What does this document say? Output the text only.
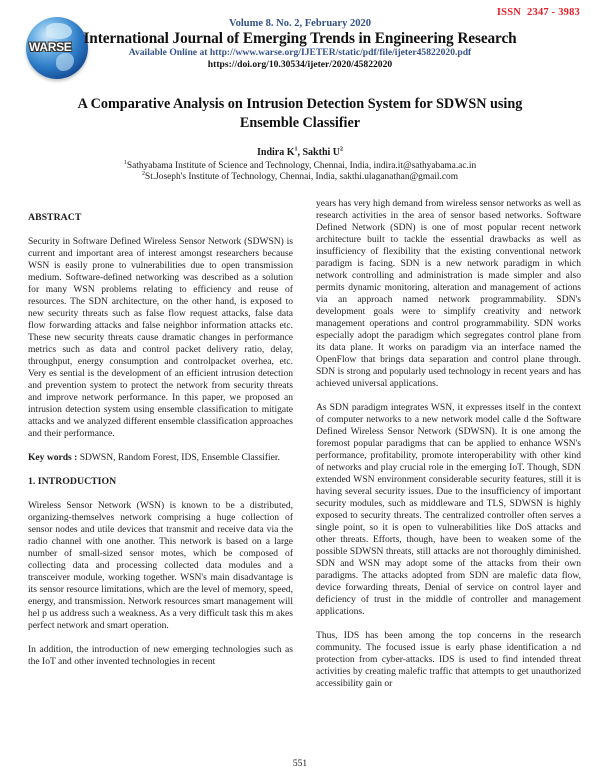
ISSN 2347 - 3983
WARSE
Volume 8. No. 2, February 2020
International Journal of Emerging Trends in Engineering Research
Available Online at http://www.warse.org/IJETER/static/pdf/file/ijeter45822020.pdf
https://doi.org/10.30534/ijeter/2020/45822020
A Comparative Analysis on Intrusion Detection System for SDWSN using
Ensemble Classifier
Indira $K^1$, Sakthi $U^2$
$^1$Sathyabama Institute of Science and Technology, Chennai, India, indira.it@sathyabama.ac.in
$^2$St.Joseph's Institute of Technology, Chennai, India, sakthi.ulaganathan@gmail.com
ABSTRACT

Security in Software Defined Wireless Sensor Network (SDWSN) is current and important area of interest amongst researchers because WSN is easily prone to vulnerabilities due to open transmission medium. Software-defined networking was described as a solution for many WSN problems relating to efficiency and reuse of resources. The SDN architecture, on the other hand, is exposed to new security threats such as false flow request attacks, false data flow forwarding attacks and false neighbor information attacks etc. These new security threats cause dramatic changes in performance metrics such as data and control packet delivery ratio, delay, throughput, energy consumption and controlpacket overhea, etc. Very es sential is the development of an efficient intrusion detection and prevention system to protect the network from security threats and improve network performance. In this paper, we proposed an intrusion detection system using ensemble classification to mitigate attacks and we analyzed different ensemble classification approaches and their performance.

Key words : SDWSN, Random Forest, IDS, Ensemble Classifier.

1. INTRODUCTION

Wireless Sensor Network (WSN) is known to be a distributed, organizing-themselves network comprising a huge collection of sensor nodes and utile devices that transmit and receive data via the radio channel with one another. This network is based on a large number of small-sized sensor motes, which be composed of collecting data and processing collected data modules and a transceiver module, working together. WSN's main disadvantage is its sensor resource limitations, which are the level of memory, speed, energy, and transmission. Network resources smart management will hel p us address such a weakness. As a very difficult task this m akes perfect network and smart operation.

In addition, the introduction of new emerging technologies such as the IoT and other invented technologies in recent

years has very high demand from wireless sensor networks as well as research activities in the area of sensor based networks. Software Defined Network (SDN) is one of most popular recent network architecture built to tackle the essential drawbacks as well as insufficiency of flexibility that the existing conventional network paradigm is facing. SDN is a new network paradigm in which network controlling and administration is made simpler and also permits dynamic monitoring, alteration and management of actions via an approach named network programmability. SDN's development goals were to simplify creativity and network management operations and control programmability. SDN works especially adopt the paradigm which segregates control plane from its data plane. It works on paradigm via an interface named the OpenFlow that brings data separation and control plane through. SDN is strong and popularly used technology in recent years and has achieved universal applications.

As SDN paradigm integrates WSN, it expresses itself in the context of computer networks to a new network model calle d the Software Defined Wireless Sensor Network (SDWSN). It is one among the foremost popular paradigms that can be applied to enhance WSN's performance, profitability, promote interoperability with other kind of networks and play crucial role in the emerging IoT. Though, SDN extended WSN environment considerable security features, still it is having several security issues. Due to the insufficiency of important security modules, such as middleware and TLS, SDWSN is highly exposed to security threats. The centralized controller often serves a single point, so it is open to vulnerabilities like DoS attacks and other threats. Efforts, though, have been to weaken some of the possible SDWSN threats, still attacks are not thoroughly diminished. SDN and WSN may adopt some of the attacks from their own paradigms. The attacks adopted from SDN are malefic data flow, device forwarding threats, Denial of service on control layer and deficiency of trust in the middle of controller and management applications.

Thus, IDS has been among the top concerns in the research community. The focused issue is early phase identification a nd protection from cyber-attacks. IDS is used to find intended threat activities by creating malefic traffic that attempts to get unauthorized accessibility gain or

551
